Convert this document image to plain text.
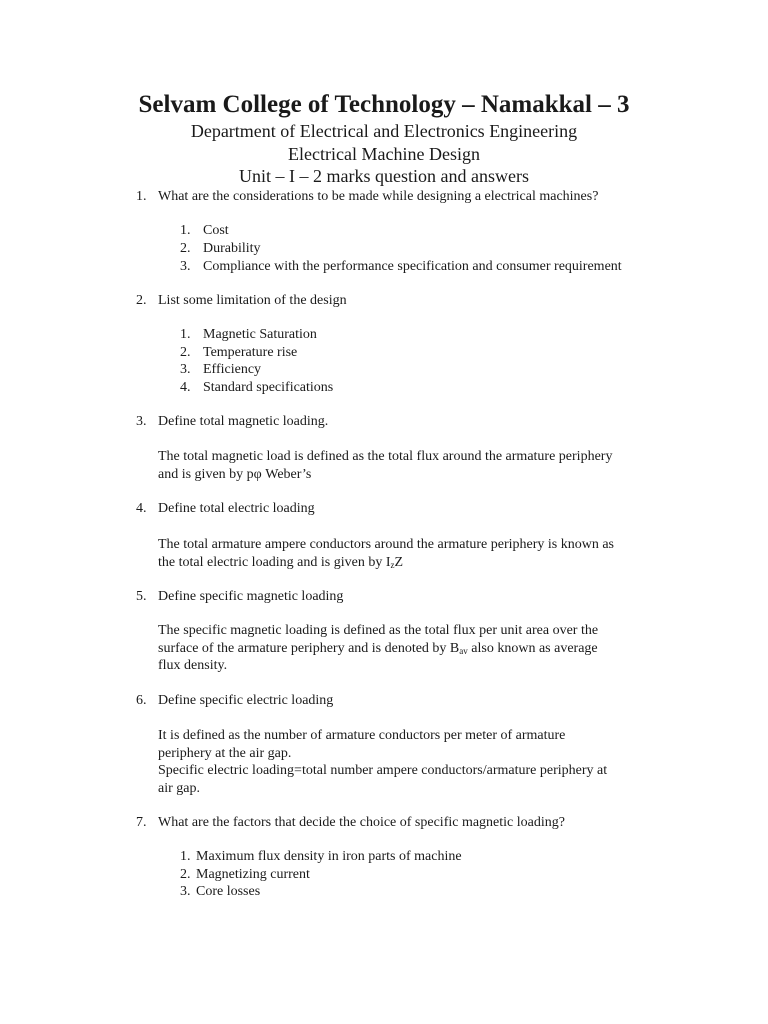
Selvam College of Technology – Namakkal – 3
Department of Electrical and Electronics Engineering
Electrical Machine Design
Unit – I – 2 marks question and answers
1. What are the considerations to be made while designing a electrical machines?
1. Cost
2. Durability
3. Compliance with the performance specification and consumer requirement
2. List some limitation of the design
1. Magnetic Saturation
2. Temperature rise
3. Efficiency
4. Standard specifications
3. Define total magnetic loading.
The total magnetic load is defined as the total flux around the armature periphery
and is given by pφ Weber’s
4. Define total electric loading
The total armature ampere conductors around the armature periphery is known as
the total electric loading and is given by $I_zZ$
5. Define specific magnetic loading
The specific magnetic loading is defined as the total flux per unit area over the
surface of the armature periphery and is denoted by $B_{av}$ also known as average
flux density.
6. Define specific electric loading
It is defined as the number of armature conductors per meter of armature
periphery at the air gap.
Specific electric loading=total number ampere conductors/armature periphery at
air gap.
7. What are the factors that decide the choice of specific magnetic loading?
1. Maximum flux density in iron parts of machine
2. Magnetizing current
3. Core losses
